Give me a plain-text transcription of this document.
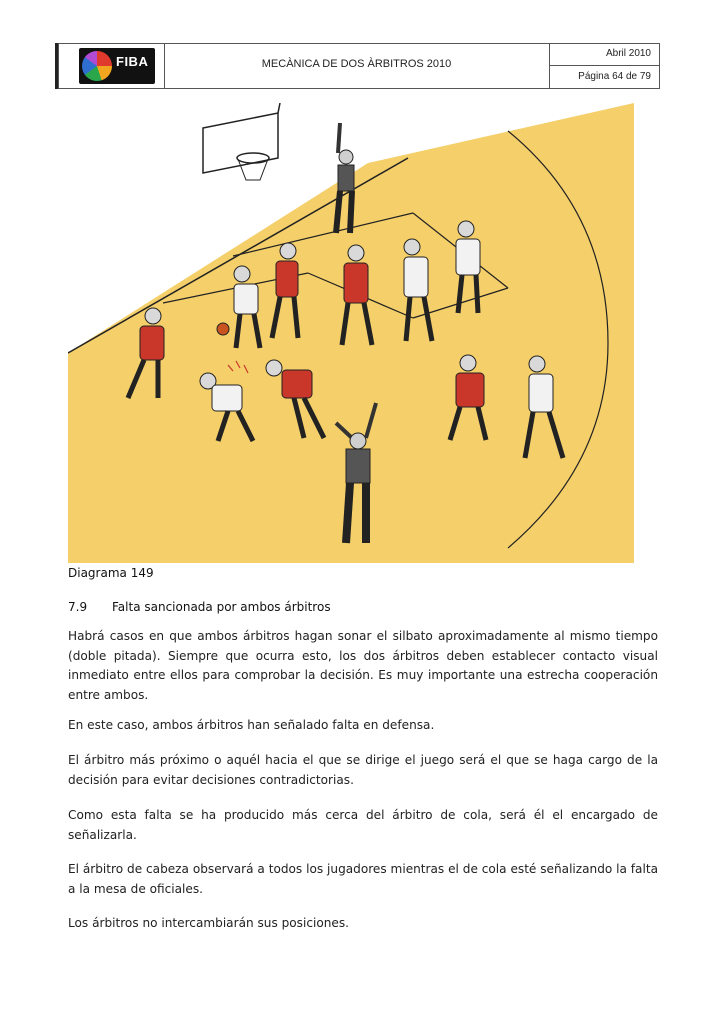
FIBA	MECÀNICA DE DOS ÀRBITROS 2010
Abril 2010
Página 64 de 79
Diagrama 149
7.9 Falta sancionada por ambos árbitros

Habrá casos en que ambos árbitros hagan sonar el silbato aproximadamente al mismo tiempo (doble pitada). Siempre que ocurra esto, los dos árbitros deben establecer contacto visual inmediato entre ellos para comprobar la decisión. Es muy importante una estrecha cooperación entre ambos.

En este caso, ambos árbitros han señalado falta en defensa.

El árbitro más próximo o aquél hacia el que se dirige el juego será el que se haga cargo de la decisión para evitar decisiones contradictorias.

Como esta falta se ha producido más cerca del árbitro de cola, será él el encargado de señalizarla.

El árbitro de cabeza observará a todos los jugadores mientras el de cola esté señalizando la falta a la mesa de oficiales.

Los árbitros no intercambiarán sus posiciones.
